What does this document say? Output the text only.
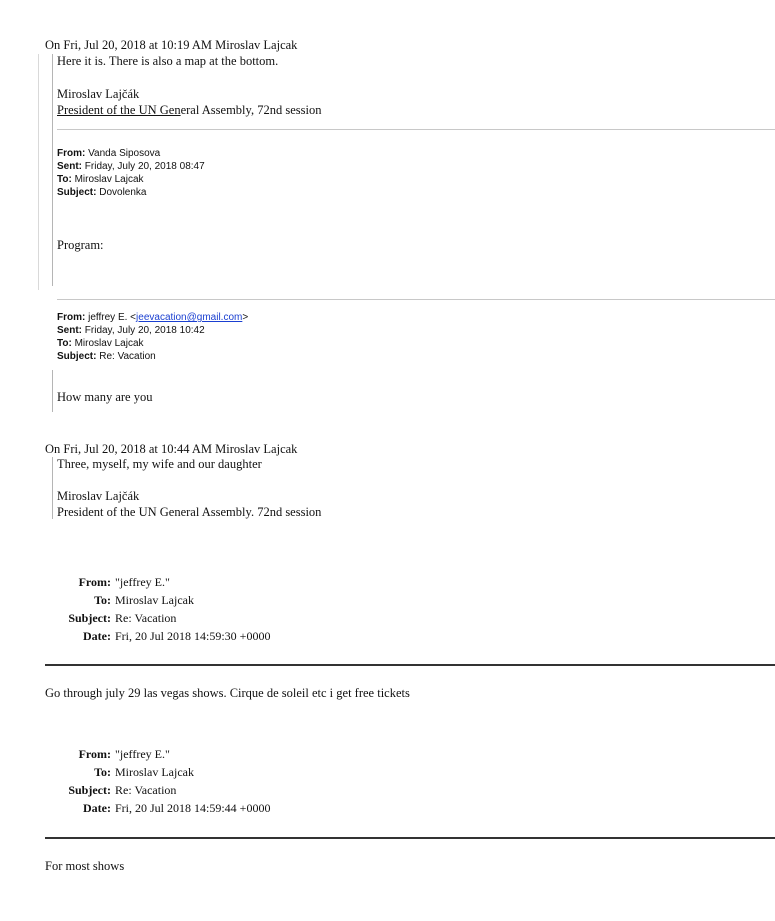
On Fri, Jul 20, 2018 at 10:19 AM Miroslav Lajcak
Here it is. There is also a map at the bottom.
Miroslav Lajčák
President of the UN General Assembly, 72nd session
From: Vanda Siposova
Sent: Friday, July 20, 2018 08:47
To: Miroslav Lajcak
Subject: Dovolenka
Program:
From: jeffrey E. <jeevacation@gmail.com>
Sent: Friday, July 20, 2018 10:42
To: Miroslav Lajcak
Subject: Re: Vacation
How many are you
On Fri, Jul 20, 2018 at 10:44 AM Miroslav Lajcak
Three, myself, my wife and our daughter
Miroslav Lajčák
President of the UN General Assembly. 72nd session
From: "jeffrey E."
To: Miroslav Lajcak
Subject: Re: Vacation
Date: Fri, 20 Jul 2018 14:59:30 +0000
Go through july 29 las vegas shows. Cirque de soleil etc i get free tickets
From: "jeffrey E."
To: Miroslav Lajcak
Subject: Re: Vacation
Date: Fri, 20 Jul 2018 14:59:44 +0000
For most shows
